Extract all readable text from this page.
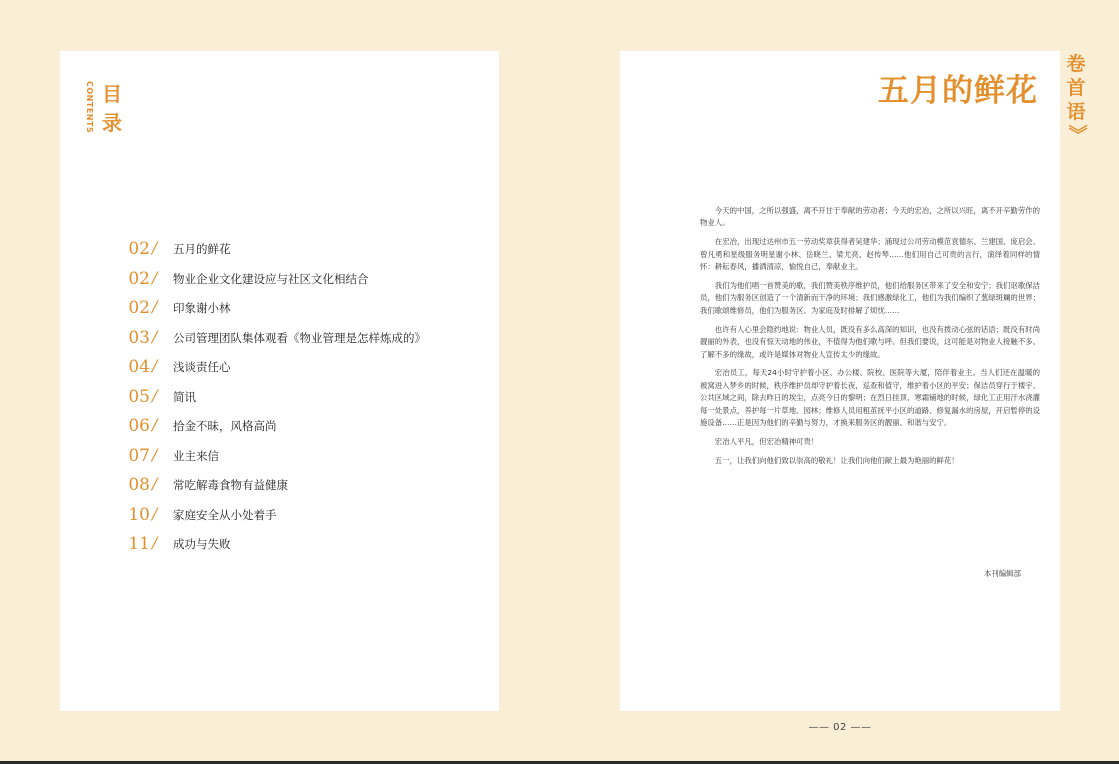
CONTENTS 目
录
02 / 五月的鲜花
02 / 物业企业文化建设应与社区文化相结合
02 / 印象谢小林
03 / 公司管理团队集体观看《物业管理是怎样炼成的》
04 / 浅谈责任心
05 / 简讯
06 / 拾金不昧，风格高尚
07 / 业主来信
08 / 常吃解毒食物有益健康
10 / 家庭安全从小处着手
11 / 成功与失败
五月的鲜花

今天的中国，之所以强盛，离不开甘于奉献的劳动者；今天的宏冶，之所以兴旺，离不开辛勤劳作的物业人。

在宏冶，出现过达州市五一劳动奖章获得者吴建华；涌现过公司劳动模范袁德东、兰建国、庞启会、曾凡勇和星级服务明星谢小林、岳晓兰、梁尤亮、赵传琴……他们用自己可贵的言行，演绎着同样的情怀：耕耘春风，播洒清凉，愉悦自己，奉献业主。

我们为他们唱一首赞美的歌，我们赞美秩序维护员，他们给服务区带来了安全和安宁；我们讴歌保洁员，他们为服务区创造了一个清新而干净的环境；我们感激绿化工，他们为我们编织了葱绿斑斓的世界；我们歌颂维修员，他们为服务区、为家庭及时排解了烦忧……

也许有人心里会隐约地说：物业人员，既没有多么高深的知识，也没有拨动心弦的话语；既没有时尚靓丽的外表，也没有惊天动地的伟业，不值得为他们歌与呼。但我们要说，这可能是对物业人接触不多、了解不多的缘故，或许是媒体对物业人宣传太少的缘故。

宏冶员工，每天24小时守护着小区、办公楼、院校、医院等大厦，陪伴着业主。当人们还在温暖的被窝进入梦乡的时候，秩序维护员却守护着长夜，巡查和值守，维护着小区的平安；保洁员穿行于楼宇、公共区域之间，除去昨日的埃尘，点亮今日的黎明；在烈日挂顶、寒霜铺地的时候，绿化工正用汗水浇灌每一处景点，养护每一片草地、园林；维修人员用粗茧抚平小区的道路、修复漏水的房屋，开启暂停的设施设备……正是因为他们的辛勤与努力，才换来服务区的靓丽、和谐与安宁。

宏冶人平凡，但宏冶精神可贵！

五一，让我们向他们致以崇高的敬礼！让我们向他们献上最为艳丽的鲜花！

本刊编辑部
卷
首
语
》
—— 02 ——
